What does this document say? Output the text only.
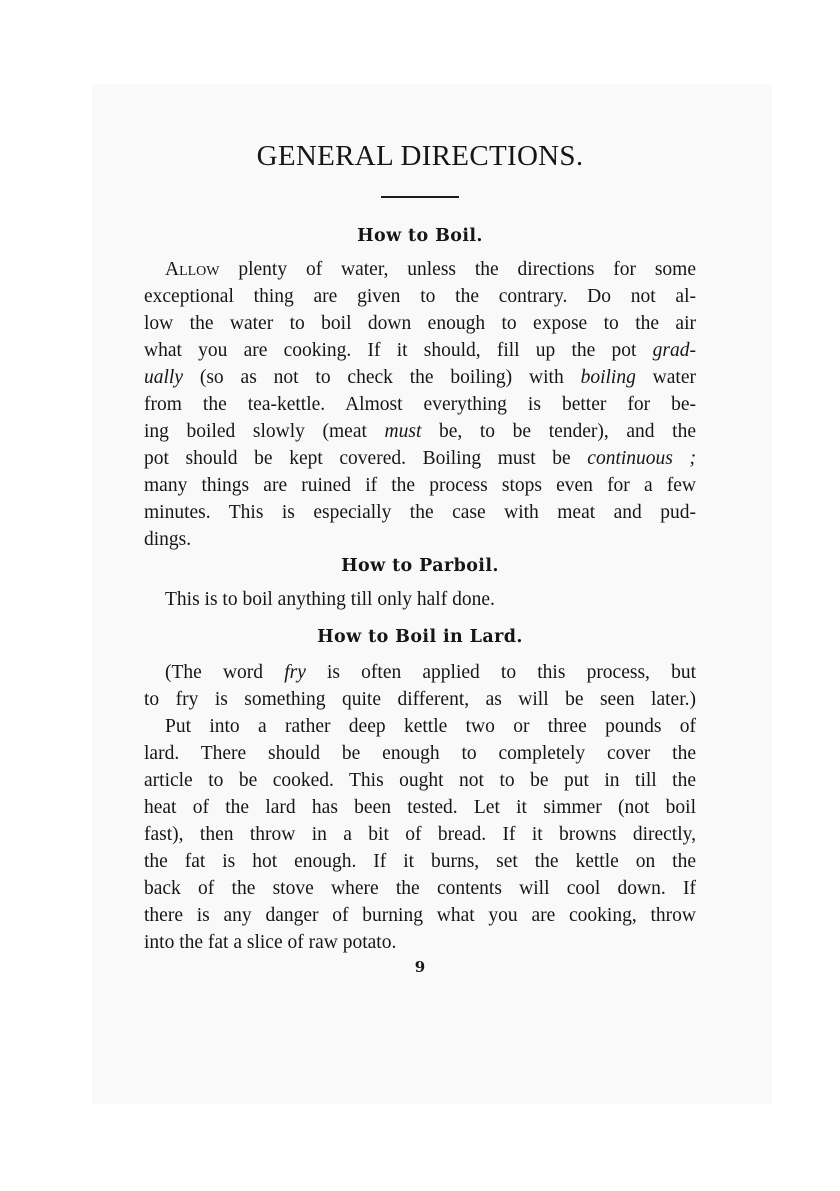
GENERAL DIRECTIONS.
How to Boil.

Allow plenty of water, unless the directions for some

exceptional thing are given to the contrary. Do not al-

low the water to boil down enough to expose to the air

what you are cooking. If it should, fill up the pot grad-

ually (so as not to check the boiling) with boiling water

from the tea-kettle. Almost everything is better for be-

ing boiled slowly (meat must be, to be tender), and the

pot should be kept covered. Boiling must be continuous ;

many things are ruined if the process stops even for a few

minutes. This is especially the case with meat and pud-

dings.

How to Parboil.

This is to boil anything till only half done.

How to Boil in Lard.

(The word fry is often applied to this process, but

to fry is something quite different, as will be seen later.)

Put into a rather deep kettle two or three pounds of

lard. There should be enough to completely cover the

article to be cooked. This ought not to be put in till the

heat of the lard has been tested. Let it simmer (not boil

fast), then throw in a bit of bread. If it browns directly,

the fat is hot enough. If it burns, set the kettle on the

back of the stove where the contents will cool down. If

there is any danger of burning what you are cooking, throw

into the fat a slice of raw potato.

9
